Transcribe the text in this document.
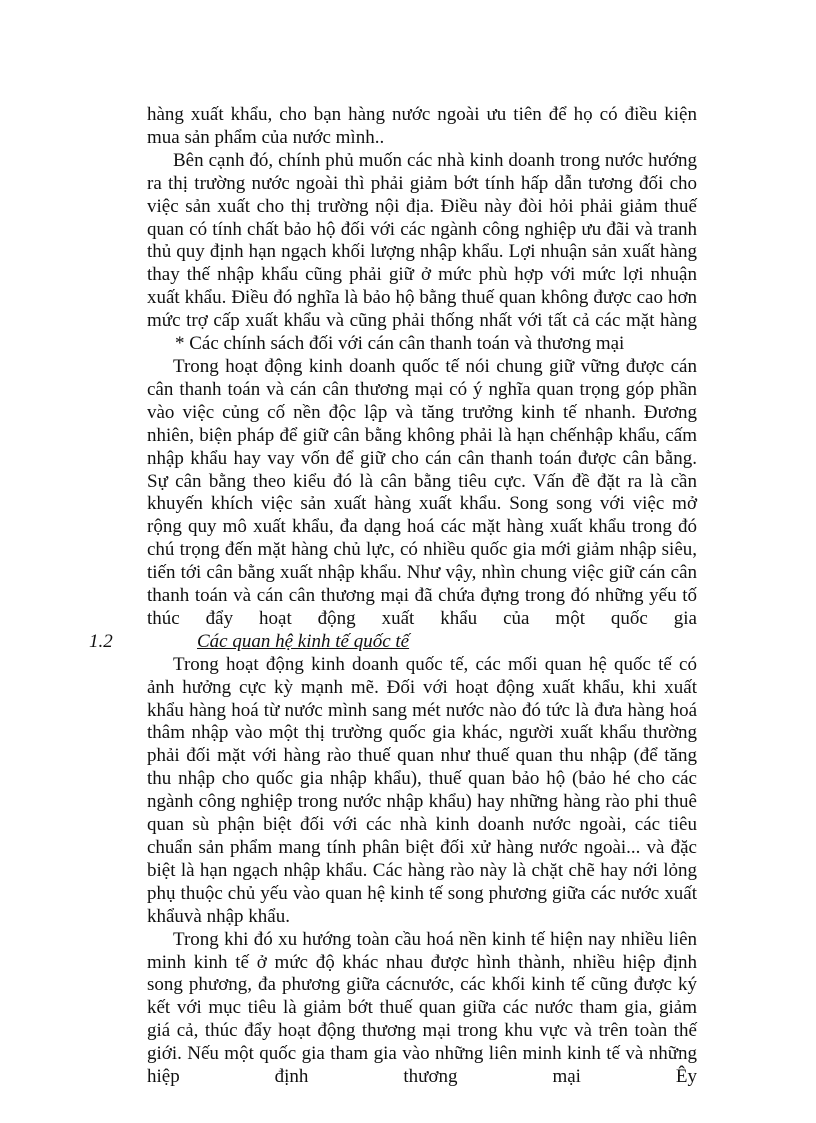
hàng xuất khẩu, cho bạn hàng nước ngoài ưu tiên để họ có điều kiện mua sản phẩm của nước mình..

Bên cạnh đó, chính phủ muốn các nhà kinh doanh trong nước hướng ra thị trường nước ngoài thì phải giảm bớt tính hấp dẫn tương đối cho việc sản xuất cho thị trường nội địa. Điều này đòi hỏi phải giảm thuế quan có tính chất bảo hộ đối với các ngành công nghiệp ưu đãi và tranh thủ quy định hạn ngạch khối lượng nhập khẩu. Lợi nhuận sản xuất hàng thay thế nhập khẩu cũng phải giữ ở mức phù hợp với mức lợi nhuận xuất khẩu. Điều đó nghĩa là bảo hộ bằng thuế quan không được cao hơn mức trợ cấp xuất khẩu và cũng phải thống nhất với tất cả các mặt hàng

* Các chính sách đối với cán cân thanh toán và thương mại

Trong hoạt động kinh doanh quốc tế nói chung giữ vững được cán cân thanh toán và cán cân thương mại có ý nghĩa quan trọng góp phần vào việc củng cố nền độc lập và tăng trưởng kinh tế nhanh. Đương nhiên, biện pháp để giữ cân bằng không phải là hạn chếnhập khẩu, cấm nhập khẩu hay vay vốn để giữ cho cán cân thanh toán được cân bằng. Sự cân bằng theo kiểu đó là cân bằng tiêu cực. Vấn đề đặt ra là cần khuyến khích việc sản xuất hàng xuất khẩu. Song song với việc mở rộng quy mô xuất khẩu, đa dạng hoá các mặt hàng xuất khẩu trong đó chú trọng đến mặt hàng chủ lực, có nhiều quốc gia mới giảm nhập siêu, tiến tới cân bằng xuất nhập khẩu. Như vậy, nhìn chung việc giữ cán cân thanh toán và cán cân thương mại đã chứa đựng trong đó những yếu tố thúc đẩy hoạt động xuất khẩu của một quốc gia

1.2	Các quan hệ kinh tế quốc tế

Trong hoạt động kinh doanh quốc tế, các mối quan hệ quốc tế có ảnh hưởng cực kỳ mạnh mẽ. Đối với hoạt động xuất khẩu, khi xuất khẩu hàng hoá từ nước mình sang mét nước nào đó tức là đưa hàng hoá thâm nhập vào một thị trường quốc gia khác, người xuất khẩu thường phải đối mặt với hàng rào thuế quan như thuế quan thu nhập (để tăng thu nhập cho quốc gia nhập khẩu), thuế quan bảo hộ (bảo hé cho các ngành công nghiệp trong nước nhập khẩu) hay những hàng rào phi thuê quan sù phận biệt đối với các nhà kinh doanh nước ngoài, các tiêu chuẩn sản phẩm mang tính phân biệt đối xử hàng nước ngoài... và đặc biệt là hạn ngạch nhập khẩu. Các hàng rào này là chặt chẽ hay nới lỏng phụ thuộc chủ yếu vào quan hệ kinh tế song phương giữa các nước xuất khẩuvà nhập khẩu.

Trong khi đó xu hướng toàn cầu hoá nền kinh tế hiện nay nhiều liên minh kinh tế ở mức độ khác nhau được hình thành, nhiều hiệp định song phương, đa phương giữa cácnước, các khối kinh tế cũng được ký kết với mục tiêu là giảm bớt thuế quan giữa các nước tham gia, giảm giá cả, thúc đẩy hoạt động thương mại trong khu vực và trên toàn thế giới. Nếu một quốc gia tham gia vào những liên minh kinh tế và những hiệp định thương mại Êy
